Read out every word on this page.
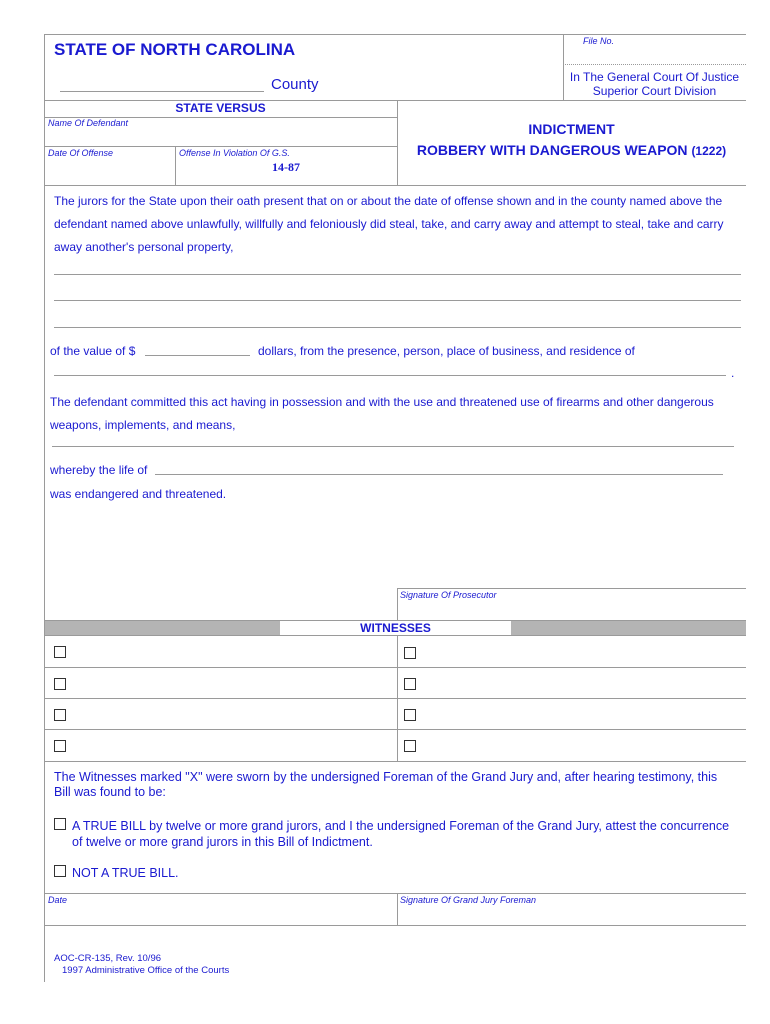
STATE OF NORTH CAROLINA
County
File No.
In The General Court Of Justice
Superior Court Division
STATE VERSUS
Name Of Defendant
Date Of Offense	Offense In Violation Of G.S.
14-87
INDICTMENT
ROBBERY WITH DANGEROUS WEAPON (1222)
The jurors for the State upon their oath present that on or about the date of offense shown and in the county named above the
defendant named above unlawfully, willfully and feloniously did steal, take, and carry away and attempt to steal, take and carry
away another's personal property,
of the value of $	dollars, from the presence, person, place of business, and residence of
.
The defendant committed this act having in possession and with the use and threatened use of firearms and other dangerous
weapons, implements, and means,
whereby the life of
was endangered and threatened.
Signature Of Prosecutor
WITNESSES
The Witnesses marked "X" were sworn by the undersigned Foreman of the Grand Jury and, after hearing testimony, this
Bill was found to be:
A TRUE BILL by twelve or more grand jurors, and I the undersigned Foreman of the Grand Jury, attest the concurrence
of twelve or more grand jurors in this Bill of Indictment.
NOT A TRUE BILL.
Date	Signature Of Grand Jury Foreman
AOC-CR-135, Rev. 10/96
1997 Administrative Office of the Courts
